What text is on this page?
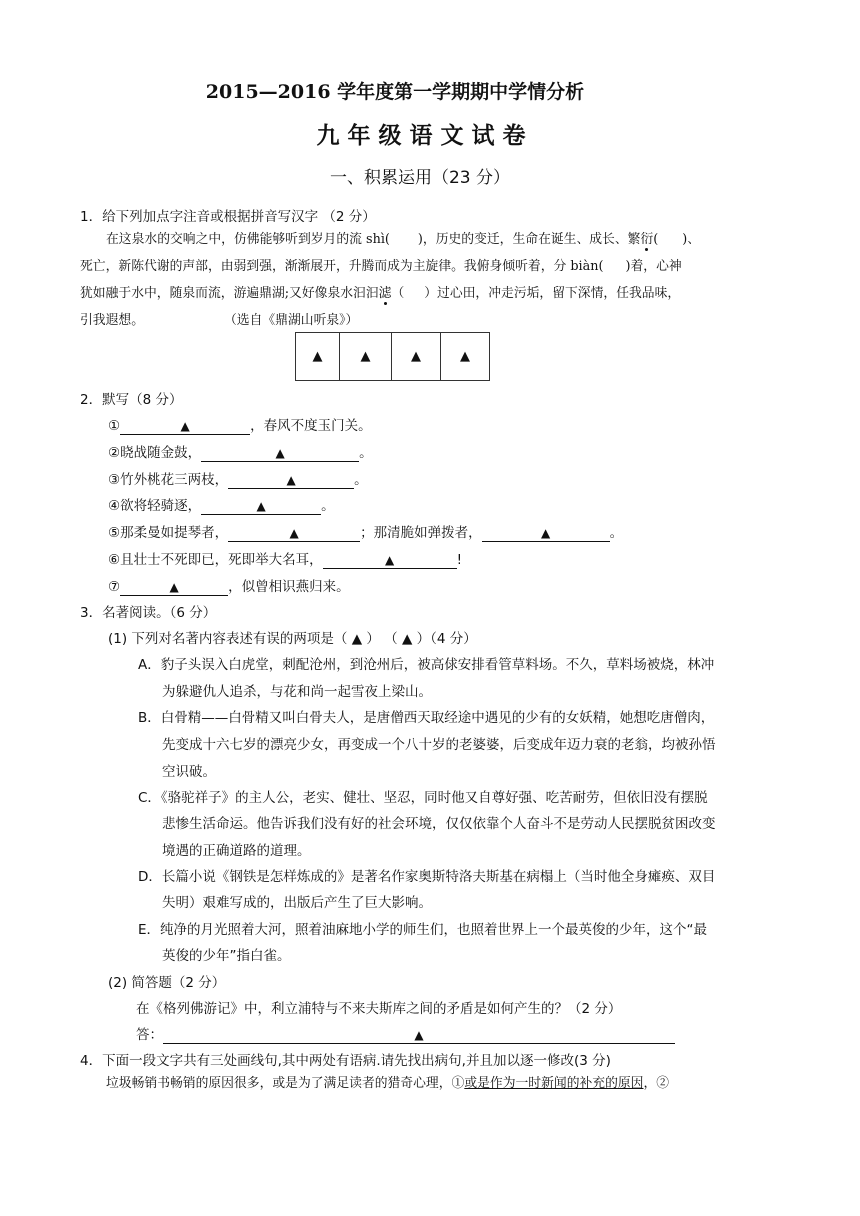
2015—2016 学年度第一学期期中学情分析
九年级语文试卷
一、积累运用（23 分）
1．给下列加点字注音或根据拼音写汉字 （2 分）
在这泉水的交响之中，仿佛能够听到岁月的流 shì( )，历史的变迁，生命在诞生、成长、繁衍( )、
死亡，新陈代谢的声部，由弱到强，渐渐展开，升腾而成为主旋律。我俯身倾听着，分 biàn( )着，心神
犹如融于水中，随泉而流，游遍鼎湖;又好像泉水汩汩滤（ ）过心田，冲走污垢，留下深情，任我品味，
引我遐想。	（选自《鼎湖山听泉》）
▲	▲	▲	▲
2．默写（8 分）
①	▲	，春风不度玉门关。
②晓战随金鼓，	▲	。
③竹外桃花三两枝，	▲	。
④欲将轻骑逐，	▲	。
⑤那柔曼如提琴者，	▲	；那清脆如弹拨者，	▲	。
⑥且壮士不死即已，死即举大名耳，	▲	!
⑦	▲	，似曾相识燕归来。
3．名著阅读。（6 分）
(1) 下列对名著内容表述有误的两项是（ ▲ ） （ ▲ ）（4 分）
A．豹子头误入白虎堂，刺配沧州，到沧州后，被高俅安排看管草料场。不久，草料场被烧，林冲
为躲避仇人追杀，与花和尚一起雪夜上梁山。
B．白骨精——白骨精又叫白骨夫人，是唐僧西天取经途中遇见的少有的女妖精，她想吃唐僧肉，
先变成十六七岁的漂亮少女，再变成一个八十岁的老婆婆，后变成年迈力衰的老翁，均被孙悟
空识破。
C．《骆驼祥子》的主人公，老实、健壮、坚忍，同时他又自尊好强、吃苦耐劳，但依旧没有摆脱
悲惨生活命运。他告诉我们没有好的社会环境，仅仅依靠个人奋斗不是劳动人民摆脱贫困改变
境遇的正确道路的道理。
D．长篇小说《钢铁是怎样炼成的》是著名作家奥斯特洛夫斯基在病榻上（当时他全身瘫痪、双目
失明）艰难写成的，出版后产生了巨大影响。
E．纯净的月光照着大河，照着油麻地小学的师生们，也照着世界上一个最英俊的少年，这个“最
英俊的少年”指白雀。
(2) 简答题（2 分）
在《格列佛游记》中，利立浦特与不来夫斯库之间的矛盾是如何产生的？（2 分）
答：	▲
4．下面一段文字共有三处画线句,其中两处有语病.请先找出病句,并且加以逐一修改(3 分)
垃圾畅销书畅销的原因很多，或是为了满足读者的猎奇心理，①或是作为一时新闻的补充的原因，②
